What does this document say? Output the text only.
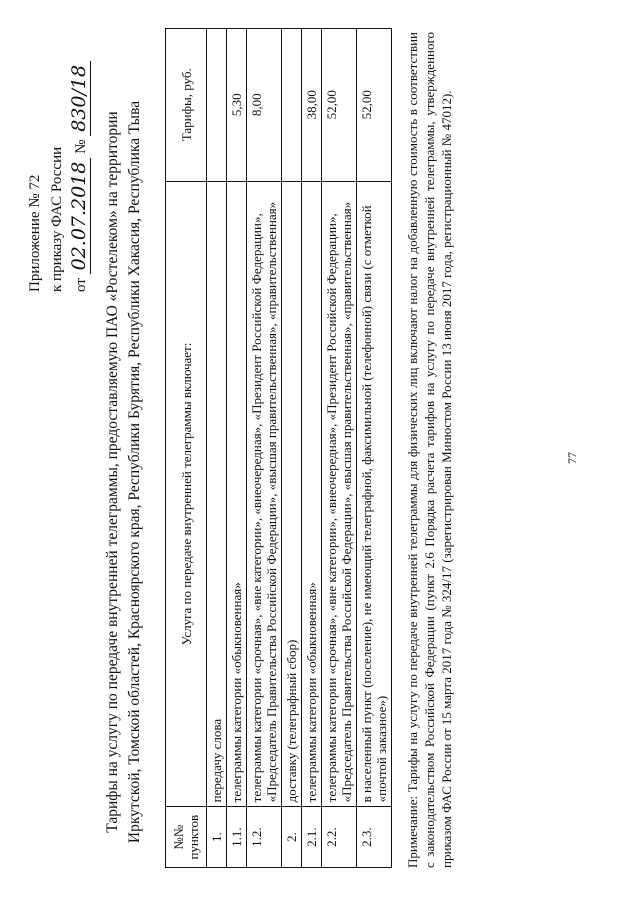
Приложение № 72 к приказу ФАС России от 02.07.2018 № 830/18
Тарифы на услугу по передаче внутренней телеграммы, предоставляемую ПАО «Ростелеком» на территории Иркутской, Томской областей, Красноярского края, Республики Бурятия, Республики Хакасия, Республика Тыва №№ пунктов	Услуга по передаче внутренней телеграммы включает:	Тарифы, руб.
1.	передачу слова	
1.1.	телеграммы категории «обыкновенная»	5,30
1.2.	телеграммы категории «срочная», «вне категории», «внеочередная», «Президент Российской Федерации», «Председатель Правительства Российской Федерации», «высшая правительственная», «правительственная»	8,00
2.	доставку (телеграфный сбор)	
2.1.	телеграммы категории «обыкновенная»	38,00
2.2.	телеграммы категории «срочная», «вне категории», «внеочередная», «Президент Российской Федерации», «Председатель Правительства Российской Федерации», «высшая правительственная», «правительственная»	52,00
2.3.	в населенный пункт (поселение), не имеющий телеграфной, факсимильной (телефонной) связи (с отметкой «почтой заказное»)	52,00 Примечание: Тарифы на услугу по передаче внутренней телеграммы для физических лиц включают налог на добавленную стоимость в соответствии с законодательством Российской Федерации (пункт 2.6 Порядка расчета тарифов на услугу по передаче внутренней телеграммы, утвержденного приказом ФАС России от 15 марта 2017 года № 324/17 (зарегистрирован Минюстом России 13 июня 2017 года, регистрационный № 47012).	77
